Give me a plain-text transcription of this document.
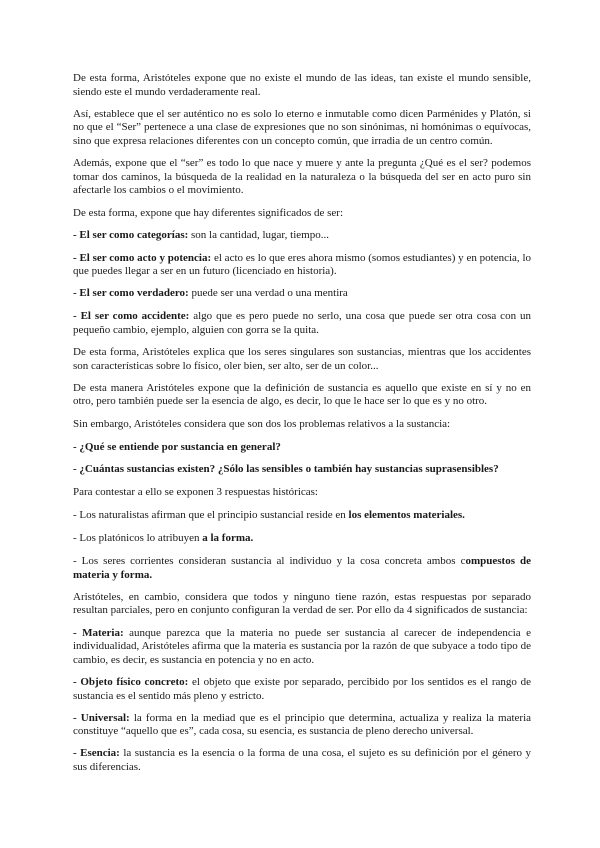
De esta forma, Aristóteles expone que no existe el mundo de las ideas, tan existe el mundo sensible, siendo este el mundo verdaderamente real.

Así, establece que el ser auténtico no es solo lo eterno e inmutable como dicen Parménides y Platón, si no que el “Ser” pertenece a una clase de expresiones que no son sinónimas, ni homónimas o equívocas, sino que expresa relaciones diferentes con un concepto común, que irradia de un centro común.

Además, expone que el “ser” es todo lo que nace y muere y ante la pregunta ¿Qué es el ser? podemos tomar dos caminos, la búsqueda de la realidad en la naturaleza o la búsqueda del ser en acto puro sin afectarle los cambios o el movimiento.

De esta forma, expone que hay diferentes significados de ser:

- El ser como categorías: son la cantidad, lugar, tiempo...

- El ser como acto y potencia: el acto es lo que eres ahora mismo (somos estudiantes) y en potencia, lo que puedes llegar a ser en un futuro (licenciado en historia).

- El ser como verdadero: puede ser una verdad o una mentira

- El ser como accidente: algo que es pero puede no serlo, una cosa que puede ser otra cosa con un pequeño cambio, ejemplo, alguien con gorra se la quita.

De esta forma, Aristóteles explica que los seres singulares son sustancias, mientras que los accidentes son características sobre lo físico, oler bien, ser alto, ser de un color...

De esta manera Aristóteles expone que la definición de sustancia es aquello que existe en sí y no en otro, pero también puede ser la esencia de algo, es decir, lo que le hace ser lo que es y no otro.

Sin embargo, Aristóteles considera que son dos los problemas relativos a la sustancia:

- ¿Qué se entiende por sustancia en general?

- ¿Cuántas sustancias existen? ¿Sólo las sensibles o también hay sustancias suprasensibles?

Para contestar a ello se exponen 3 respuestas históricas:

- Los naturalistas afirman que el principio sustancial reside en los elementos materiales.

- Los platónicos lo atribuyen a la forma.

- Los seres corrientes consideran sustancia al individuo y la cosa concreta ambos compuestos de materia y forma.

Aristóteles, en cambio, considera que todos y ninguno tiene razón, estas respuestas por separado resultan parciales, pero en conjunto configuran la verdad de ser. Por ello da 4 significados de sustancia:

- Materia: aunque parezca que la materia no puede ser sustancia al carecer de independencia e individualidad, Aristóteles afirma que la materia es sustancia por la razón de que subyace a todo tipo de cambio, es decir, es sustancia en potencia y no en acto.

- Objeto físico concreto: el objeto que existe por separado, percibido por los sentidos es el rango de sustancia es el sentido más pleno y estricto.

- Universal: la forma en la mediad que es el principio que determina, actualiza y realiza la materia constituye “aquello que es”, cada cosa, su esencia, es sustancia de pleno derecho universal.

- Esencia: la sustancia es la esencia o la forma de una cosa, el sujeto es su definición por el género y sus diferencias.
